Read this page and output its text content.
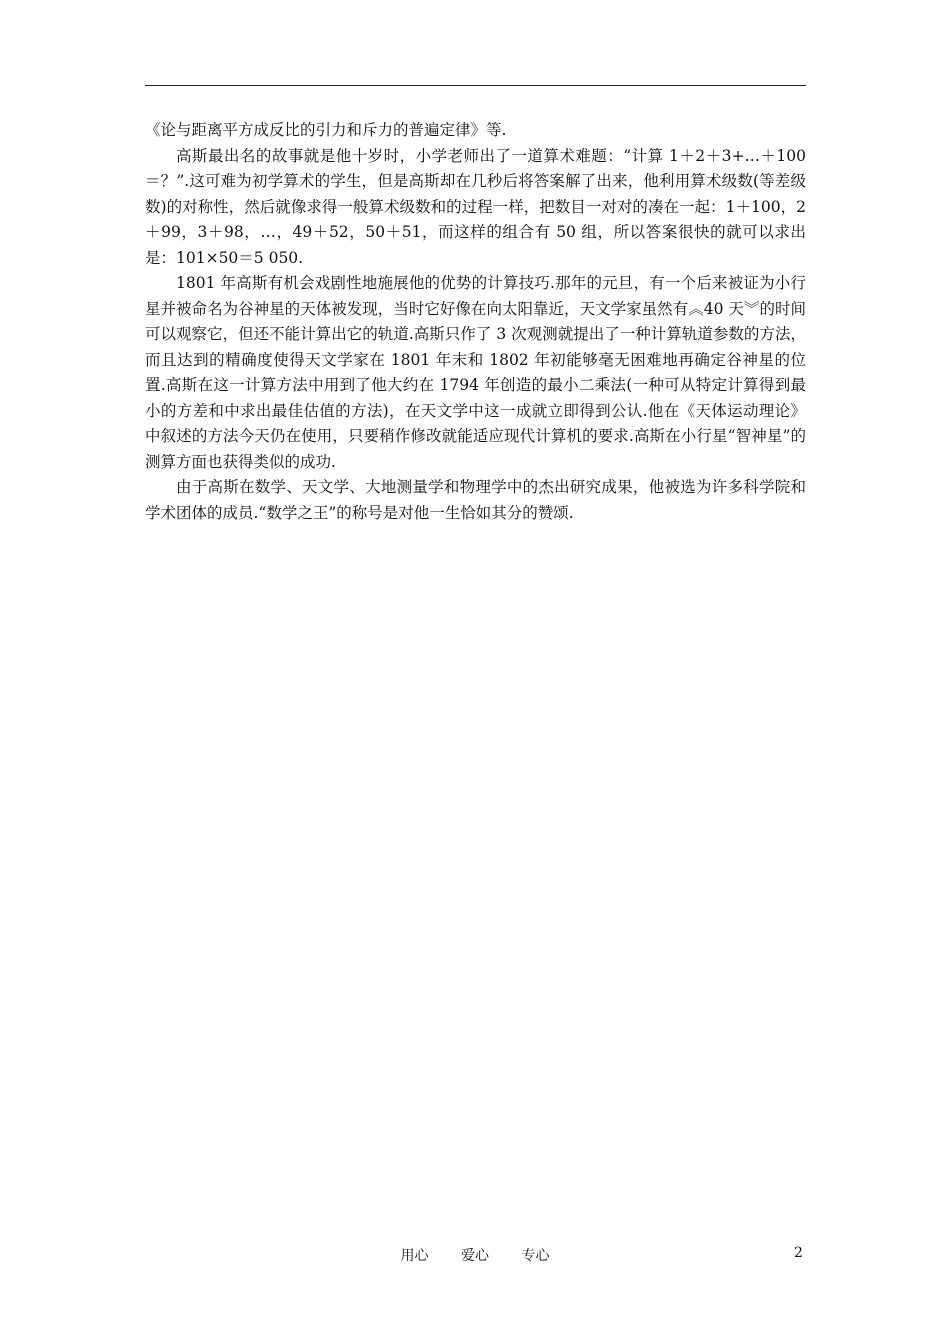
《论与距离平方成反比的引力和斥力的普遍定律》等.

高斯最出名的故事就是他十岁时，小学老师出了一道算术难题：“计算 1＋2＋3+…＋100＝？”.这可难为初学算术的学生，但是高斯却在几秒后将答案解了出来，他利用算术级数(等差级数)的对称性，然后就像求得一般算术级数和的过程一样，把数目一对对的凑在一起：1＋100，2＋99，3＋98，…，49＋52，50＋51，而这样的组合有 50 组，所以答案很快的就可以求出是：101×50＝5 050.

1801 年高斯有机会戏剧性地施展他的优势的计算技巧.那年的元旦，有一个后来被证为小行星并被命名为谷神星的天体被发现，当时它好像在向太阳靠近，天文学家虽然有︽40 天︾的时间可以观察它，但还不能计算出它的轨道.高斯只作了 3 次观测就提出了一种计算轨道参数的方法，而且达到的精确度使得天文学家在 1801 年末和 1802 年初能够毫无困难地再确定谷神星的位置.高斯在这一计算方法中用到了他大约在 1794 年创造的最小二乘法(一种可从特定计算得到最小的方差和中求出最佳估值的方法)，在天文学中这一成就立即得到公认.他在《天体运动理论》中叙述的方法今天仍在使用，只要稍作修改就能适应现代计算机的要求.高斯在小行星“智神星”的测算方面也获得类似的成功.

由于高斯在数学、天文学、大地测量学和物理学中的杰出研究成果，他被选为许多科学院和学术团体的成员.“数学之王”的称号是对他一生恰如其分的赞颂.

用心 爱心 专心	2
